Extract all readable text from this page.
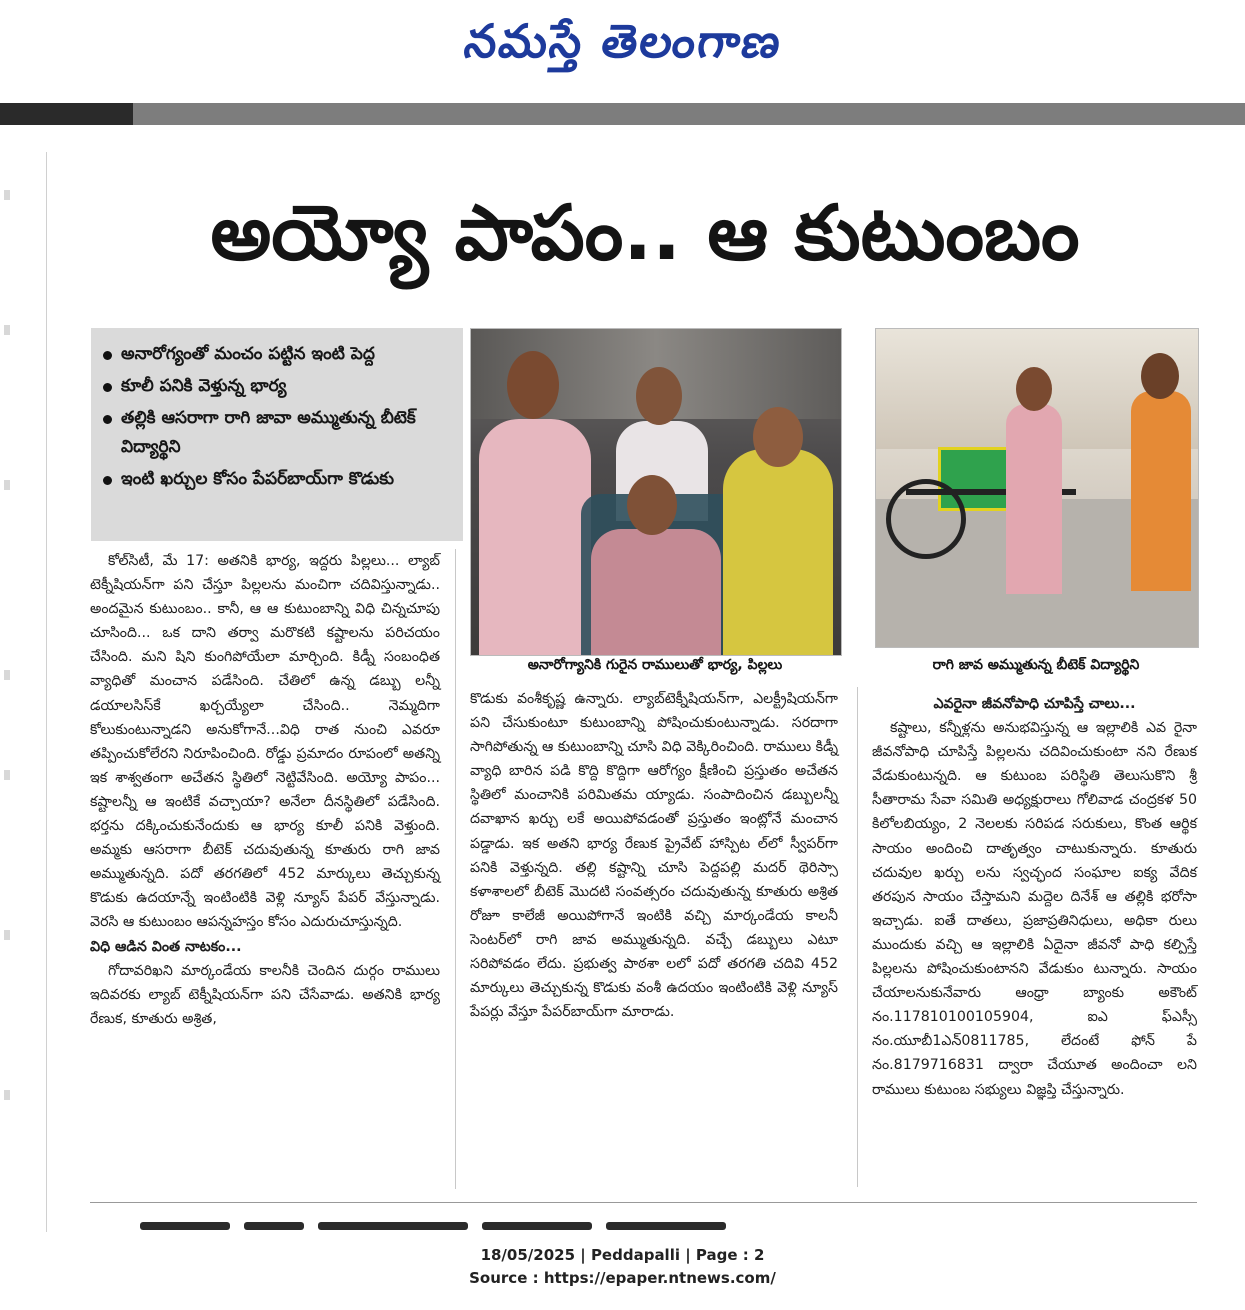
నమస్తే తెలంగాణ
అయ్యో పాపం.. ఆ కుటుంబం
అనారోగ్యంతో మంచం పట్టిన ఇంటి పెద్ద
కూలీ పనికి వెళ్తున్న భార్య
తల్లికి ఆసరాగా రాగి జావా అమ్ముతున్న బీటెక్ విద్యార్థిని
ఇంటి ఖర్చుల కోసం పేపర్‌బాయ్‌గా కొడుకు
అనారోగ్యానికి గురైన రాములుతో భార్య, పిల్లలు	రాగి జావ అమ్ముతున్న బీటెక్ విద్యార్థిని

కోల్‌సిటీ, మే 17: అతనికి భార్య, ఇద్దరు పిల్లలు... ల్యాబ్ టెక్నీషియన్‌గా పని చేస్తూ పిల్లలను మంచిగా చదివిస్తున్నాడు.. అందమైన కుటుంబం.. కానీ, ఆ ఆ కుటుంబాన్ని విధి చిన్నచూపు చూసింది... ఒక దాని తర్వా మరొకటి కష్టాలను పరిచయం చేసింది. మని షిని కుంగిపోయేలా మార్చింది. కిడ్నీ సంబంధిత వ్యాధితో మంచాన పడేసింది. చేతిలో ఉన్న డబ్బు లన్నీ డయాలసిస్‌కే ఖర్చయ్యేలా చేసింది.. నెమ్మదిగా కోలుకుంటున్నాడని అనుకోగానే...విధి రాత నుంచి ఎవరూ తప్పించుకోలేరని నిరూపించింది. రోడ్డు ప్రమాదం రూపంలో అతన్ని ఇక శాశ్వతంగా అచేతన స్థితిలో నెట్టివేసింది. అయ్యో పాపం... కష్టాలన్నీ ఆ ఇంటికే వచ్చాయా? అనేలా దీనస్థితిలో పడేసింది. భర్తను దక్కించుకునేందుకు ఆ భార్య కూలీ పనికి వెళ్తుంది. అమ్మకు ఆసరాగా బీటెక్ చదువుతున్న కూతురు రాగి జావ అమ్ముతున్నది. పదో తరగతిలో 452 మార్కులు తెచ్చుకున్న కొడుకు ఉదయాన్నే ఇంటింటికి వెళ్లి న్యూస్ పేపర్ వేస్తున్నాడు. వెరసి ఆ కుటుంబం ఆపన్నహస్తం కోసం ఎదురుచూస్తున్నది.

విధి ఆడిన వింత నాటకం...

గోదావరిఖని మార్కండేయ కాలనీకి చెందిన దుర్గం రాములు ఇదివరకు ల్యాబ్ టెక్నీషియన్‌గా పని చేసేవాడు. అతనికి భార్య రేణుక, కూతురు అశ్రిత,

కొడుకు వంశీకృష్ణ ఉన్నారు. ల్యాబ్‌టెక్నీషియన్‌గా, ఎలక్ట్రీషియన్‌గా పని చేసుకుంటూ కుటుంబాన్ని పోషించుకుంటున్నాడు. సరదాగా సాగిపోతున్న ఆ కుటుంబాన్ని చూసి విధి వెక్కిరించింది. రాములు కిడ్నీ వ్యాధి బారిన పడి కొద్ది కొద్దిగా ఆరోగ్యం క్షీణించి ప్రస్తుతం అచేతన స్థితిలో మంచానికి పరిమితమ య్యాడు. సంపాదించిన డబ్బులన్నీ దవాఖాన ఖర్చు లకే అయిపోవడంతో ప్రస్తుతం ఇంట్లోనే మంచాన పడ్డాడు. ఇక అతని భార్య రేణుక ప్రైవేట్ హాస్పిట ల్‌లో స్వీపర్‌గా పనికి వెళ్తున్నది. తల్లి కష్టాన్ని చూసి పెద్దపల్లి మదర్ థెరిస్సా కళాశాలలో బీటెక్ మొదటి సంవత్సరం చదువుతున్న కూతురు అశ్రిత రోజూ కాలేజీ అయిపోగానే ఇంటికి వచ్చి మార్కండేయ కాలనీ సెంటర్‌లో రాగి జావ అమ్ముతున్నది. వచ్చే డబ్బులు ఎటూ సరిపోవడం లేదు. ప్రభుత్వ పాఠశా లలో పదో తరగతి చదివి 452 మార్కులు తెచ్చుకున్న కొడుకు వంశీ ఉదయం ఇంటింటికి వెళ్లి న్యూస్ పేపర్లు వేస్తూ పేపర్‌బాయ్‌గా మారాడు.

ఎవరైనా జీవనోపాధి చూపిస్తే చాలు...

కష్టాలు, కన్నీళ్లను అనుభవిస్తున్న ఆ ఇల్లాలికి ఎవ రైనా జీవనోపాధి చూపిస్తే పిల్లలను చదివించుకుంటా నని రేణుక వేడుకుంటున్నది. ఆ కుటుంబ పరిస్థితి తెలుసుకొని శ్రీ సీతారామ సేవా సమితి అధ్యక్షురాలు గోలివాడ చంద్రకళ 50 కిలోలబియ్యం, 2 నెలలకు సరిపడ సరుకులు, కొంత ఆర్థిక సాయం అందించి దాతృత్వం చాటుకున్నారు. కూతురు చదువుల ఖర్చు లను స్వచ్ఛంద సంఘాల ఐక్య వేదిక తరపున సాయం చేస్తామని మద్దెల దినేశ్ ఆ తల్లికి భరోసా ఇచ్చాడు. ఐతే దాతలు, ప్రజాప్రతినిధులు, అధికా రులు ముందుకు వచ్చి ఆ ఇల్లాలికి ఏదైనా జీవనో పాధి కల్పిస్తే పిల్లలను పోషించుకుంటానని వేడుకుం టున్నారు. సాయం చేయాలనుకునేవారు ఆంధ్రా బ్యాంకు అకౌంట్ నం.117810100105904, ఐఎ ఫ్ఎస్సీ నం.యూబీ1ఎన్0811785, లేదంటే ఫోన్ పే నం.8179716831 ద్వారా చేయూత అందించా లని రాములు కుటుంబ సభ్యులు విజ్ఞప్తి చేస్తున్నారు.

18/05/2025 | Peddapalli | Page : 2
Source : https://epaper.ntnews.com/
